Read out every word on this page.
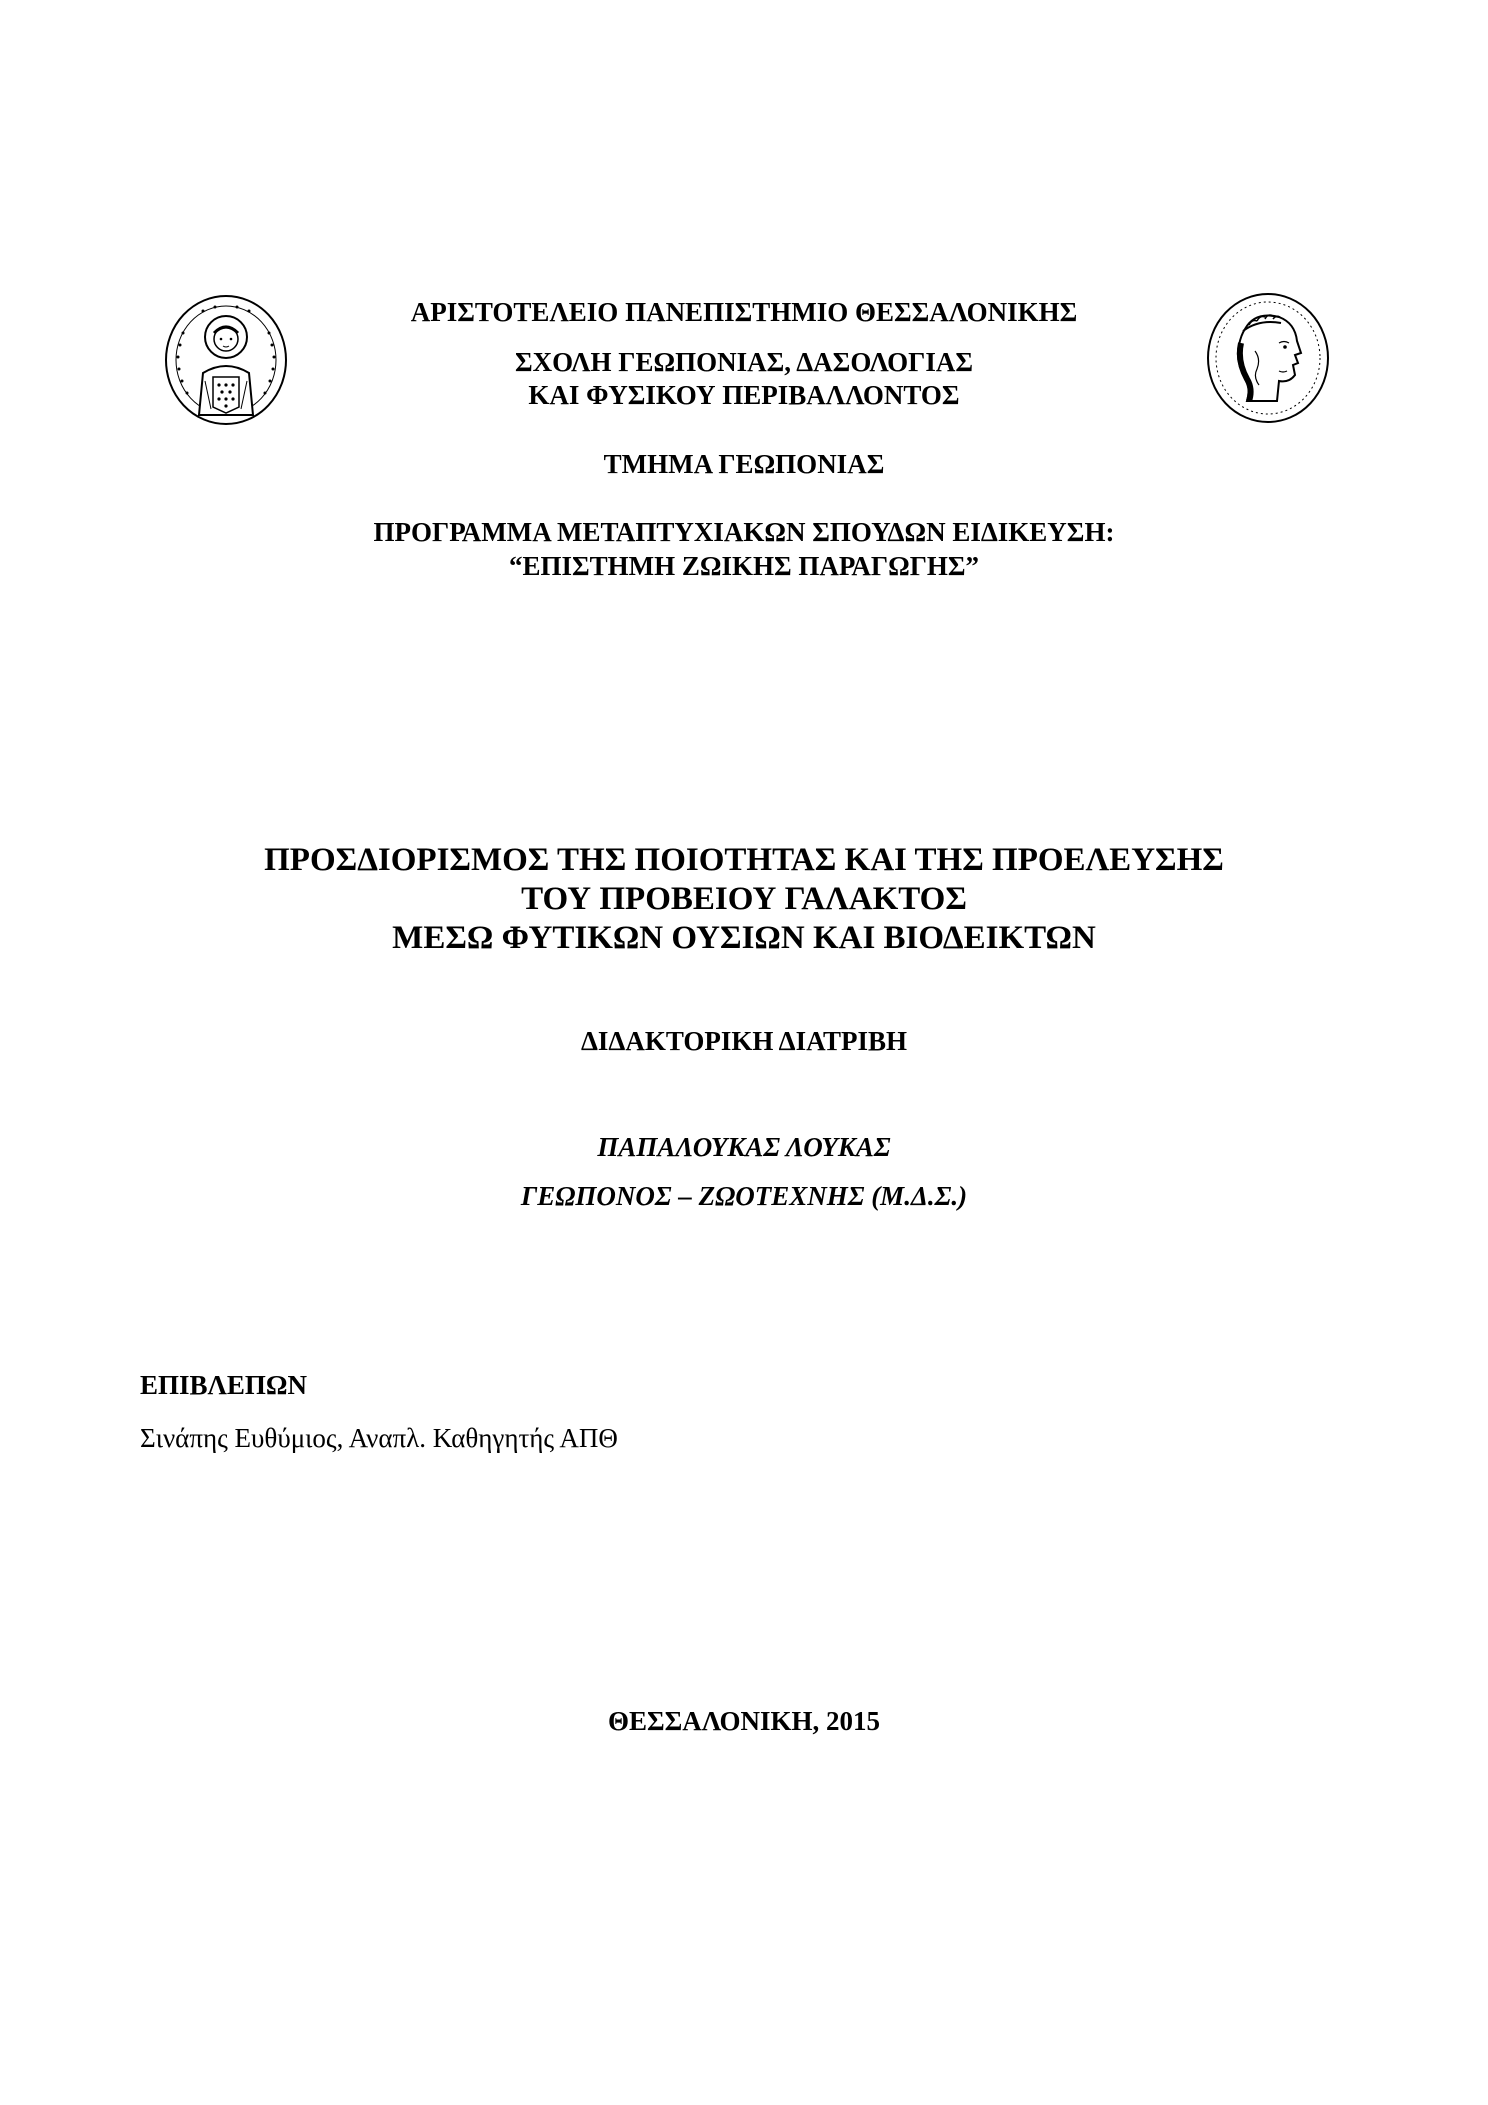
ΑΡΙΣΤΟΤΕΛΕΙΟ ΠΑΝΕΠΙΣΤΗΜΙΟ ΘΕΣΣΑΛΟΝΙΚΗΣ
ΣΧΟΛΗ ΓΕΩΠΟΝΙΑΣ, ΔΑΣΟΛΟΓΙΑΣ
ΚΑΙ ΦΥΣΙΚΟΥ ΠΕΡΙΒΑΛΛΟΝΤΟΣ
ΤΜΗΜΑ ΓΕΩΠΟΝΙΑΣ
ΠΡΟΓΡΑΜΜΑ ΜΕΤΑΠΤΥΧΙΑΚΩΝ ΣΠΟΥΔΩΝ ΕΙΔΙΚΕΥΣΗ:
“ΕΠΙΣΤΗΜΗ ΖΩΙΚΗΣ ΠΑΡΑΓΩΓΗΣ”
ΠΡΟΣΔΙΟΡΙΣΜΟΣ ΤΗΣ ΠΟΙΟΤΗΤΑΣ ΚΑΙ ΤΗΣ ΠΡΟΕΛΕΥΣΗΣ
ΤΟΥ ΠΡΟΒΕΙΟΥ ΓΑΛΑΚΤΟΣ
ΜΕΣΩ ΦΥΤΙΚΩΝ ΟΥΣΙΩΝ ΚΑΙ ΒΙΟΔΕΙΚΤΩΝ
ΔΙΔΑΚΤΟΡΙΚΗ ΔΙΑΤΡΙΒΗ
ΠΑΠΑΛΟΥΚΑΣ ΛΟΥΚΑΣ
ΓΕΩΠΟΝΟΣ – ΖΩΟΤΕΧΝΗΣ (Μ.Δ.Σ.)
ΕΠΙΒΛΕΠΩΝ
Σινάπης Ευθύμιος, Αναπλ. Καθηγητής ΑΠΘ
ΘΕΣΣΑΛΟΝΙΚΗ, 2015
